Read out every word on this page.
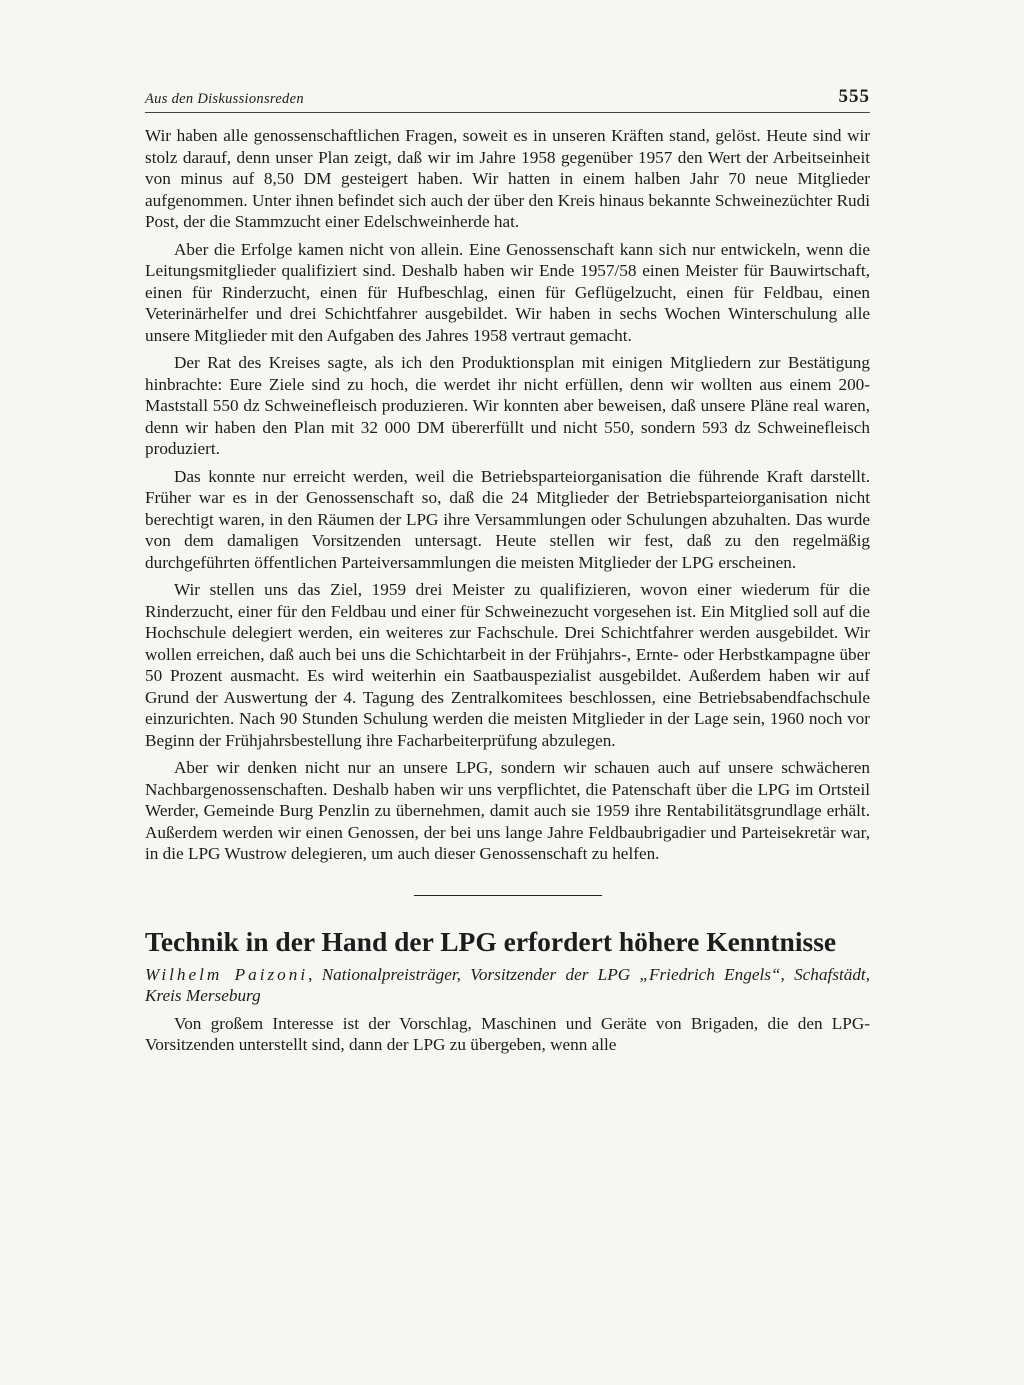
Aus den Diskussionsreden	555

Wir haben alle genossenschaftlichen Fragen, soweit es in unseren Kräften stand, gelöst. Heute sind wir stolz darauf, denn unser Plan zeigt, daß wir im Jahre 1958 gegenüber 1957 den Wert der Arbeitseinheit von minus auf 8,50 DM gesteigert haben. Wir hatten in einem halben Jahr 70 neue Mitglieder aufgenommen. Unter ihnen befindet sich auch der über den Kreis hinaus bekannte Schweinezüchter Rudi Post, der die Stammzucht einer Edelschweinherde hat.

Aber die Erfolge kamen nicht von allein. Eine Genossenschaft kann sich nur entwickeln, wenn die Leitungsmitglieder qualifiziert sind. Deshalb haben wir Ende 1957/58 einen Meister für Bauwirtschaft, einen für Rinderzucht, einen für Hufbeschlag, einen für Geflügelzucht, einen für Feldbau, einen Veterinärhelfer und drei Schichtfahrer ausgebildet. Wir haben in sechs Wochen Winterschulung alle unsere Mitglieder mit den Aufgaben des Jahres 1958 vertraut gemacht.

Der Rat des Kreises sagte, als ich den Produktionsplan mit einigen Mitgliedern zur Bestätigung hinbrachte: Eure Ziele sind zu hoch, die werdet ihr nicht erfüllen, denn wir wollten aus einem 200-Maststall 550 dz Schweinefleisch produzieren. Wir konnten aber beweisen, daß unsere Pläne real waren, denn wir haben den Plan mit 32 000 DM übererfüllt und nicht 550, sondern 593 dz Schweinefleisch produziert.

Das konnte nur erreicht werden, weil die Betriebsparteiorganisation die führende Kraft darstellt. Früher war es in der Genossenschaft so, daß die 24 Mitglieder der Betriebsparteiorganisation nicht berechtigt waren, in den Räumen der LPG ihre Versammlungen oder Schulungen abzuhalten. Das wurde von dem damaligen Vorsitzenden untersagt. Heute stellen wir fest, daß zu den regelmäßig durchgeführten öffentlichen Parteiversammlungen die meisten Mitglieder der LPG erscheinen.

Wir stellen uns das Ziel, 1959 drei Meister zu qualifizieren, wovon einer wiederum für die Rinderzucht, einer für den Feldbau und einer für Schweinezucht vorgesehen ist. Ein Mitglied soll auf die Hochschule delegiert werden, ein weiteres zur Fachschule. Drei Schichtfahrer werden ausgebildet. Wir wollen erreichen, daß auch bei uns die Schichtarbeit in der Frühjahrs-, Ernte- oder Herbstkampagne über 50 Prozent ausmacht. Es wird weiterhin ein Saatbauspezialist ausgebildet. Außerdem haben wir auf Grund der Auswertung der 4. Tagung des Zentralkomitees beschlossen, eine Betriebsabendfachschule einzurichten. Nach 90 Stunden Schulung werden die meisten Mitglieder in der Lage sein, 1960 noch vor Beginn der Frühjahrsbestellung ihre Facharbeiterprüfung abzulegen.

Aber wir denken nicht nur an unsere LPG, sondern wir schauen auch auf unsere schwächeren Nachbargenossenschaften. Deshalb haben wir uns verpflichtet, die Patenschaft über die LPG im Ortsteil Werder, Gemeinde Burg Penzlin zu übernehmen, damit auch sie 1959 ihre Rentabilitätsgrundlage erhält. Außerdem werden wir einen Genossen, der bei uns lange Jahre Feldbaubrigadier und Parteisekretär war, in die LPG Wustrow delegieren, um auch dieser Genossenschaft zu helfen.

Technik in der Hand der LPG erfordert höhere Kenntnisse

Wilhelm Paizoni, Nationalpreisträger, Vorsitzender der LPG „Friedrich Engels“, Schafstädt, Kreis Merseburg

Von großem Interesse ist der Vorschlag, Maschinen und Geräte von Brigaden, die den LPG-Vorsitzenden unterstellt sind, dann der LPG zu übergeben, wenn alle
